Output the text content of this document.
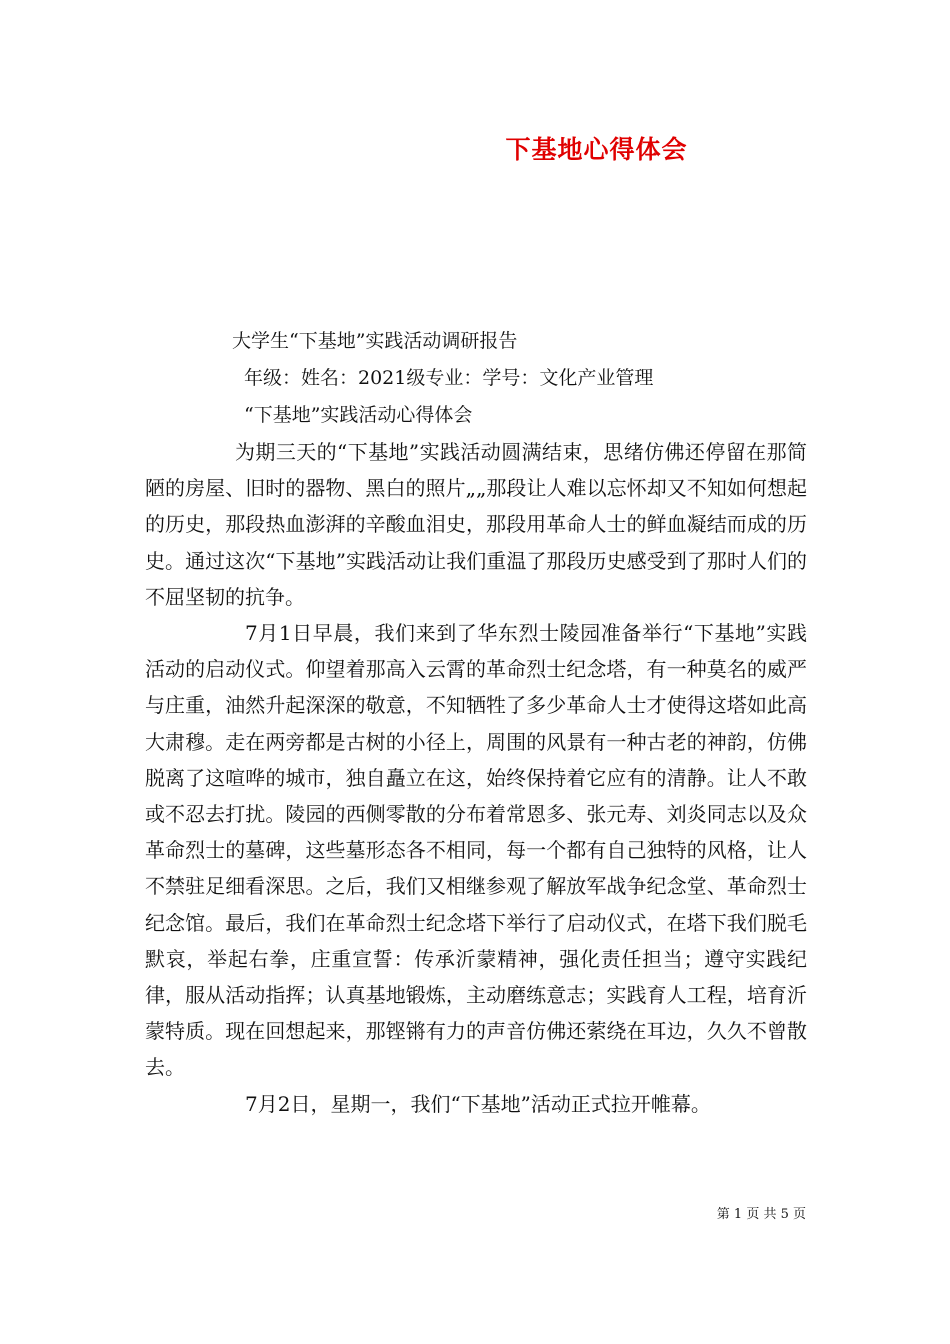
下基地心得体会
大学生“下基地”实践活动调研报告
年级：姓名：2021级专业：学号：文化产业管理
“下基地”实践活动心得体会

为期三天的“下基地”实践活动圆满结束，思绪仿佛还停留在那简陋的房屋、旧时的器物、黑白的照片„„那段让人难以忘怀却又不知如何想起的历史，那段热血澎湃的辛酸血泪史，那段用革命人士的鲜血凝结而成的历史。通过这次“下基地”实践活动让我们重温了那段历史感受到了那时人们的不屈坚韧的抗争。

7月1日早晨，我们来到了华东烈士陵园准备举行“下基地”实践活动的启动仪式。仰望着那高入云霄的革命烈士纪念塔，有一种莫名的威严与庄重，油然升起深深的敬意，不知牺牲了多少革命人士才使得这塔如此高大肃穆。走在两旁都是古树的小径上，周围的风景有一种古老的神韵，仿佛脱离了这喧哗的城市，独自矗立在这，始终保持着它应有的清静。让人不敢或不忍去打扰。陵园的西侧零散的分布着常恩多、张元寿、刘炎同志以及众革命烈士的墓碑，这些墓形态各不相同，每一个都有自己独特的风格，让人不禁驻足细看深思。之后，我们又相继参观了解放军战争纪念堂、革命烈士纪念馆。最后，我们在革命烈士纪念塔下举行了启动仪式，在塔下我们脱毛默哀，举起右拳，庄重宣誓：传承沂蒙精神，强化责任担当；遵守实践纪律，服从活动指挥；认真基地锻炼，主动磨练意志；实践育人工程，培育沂蒙特质。现在回想起来，那铿锵有力的声音仿佛还萦绕在耳边，久久不曾散去。

7月2日，星期一，我们“下基地”活动正式拉开帷幕。

第 1 页 共 5 页
